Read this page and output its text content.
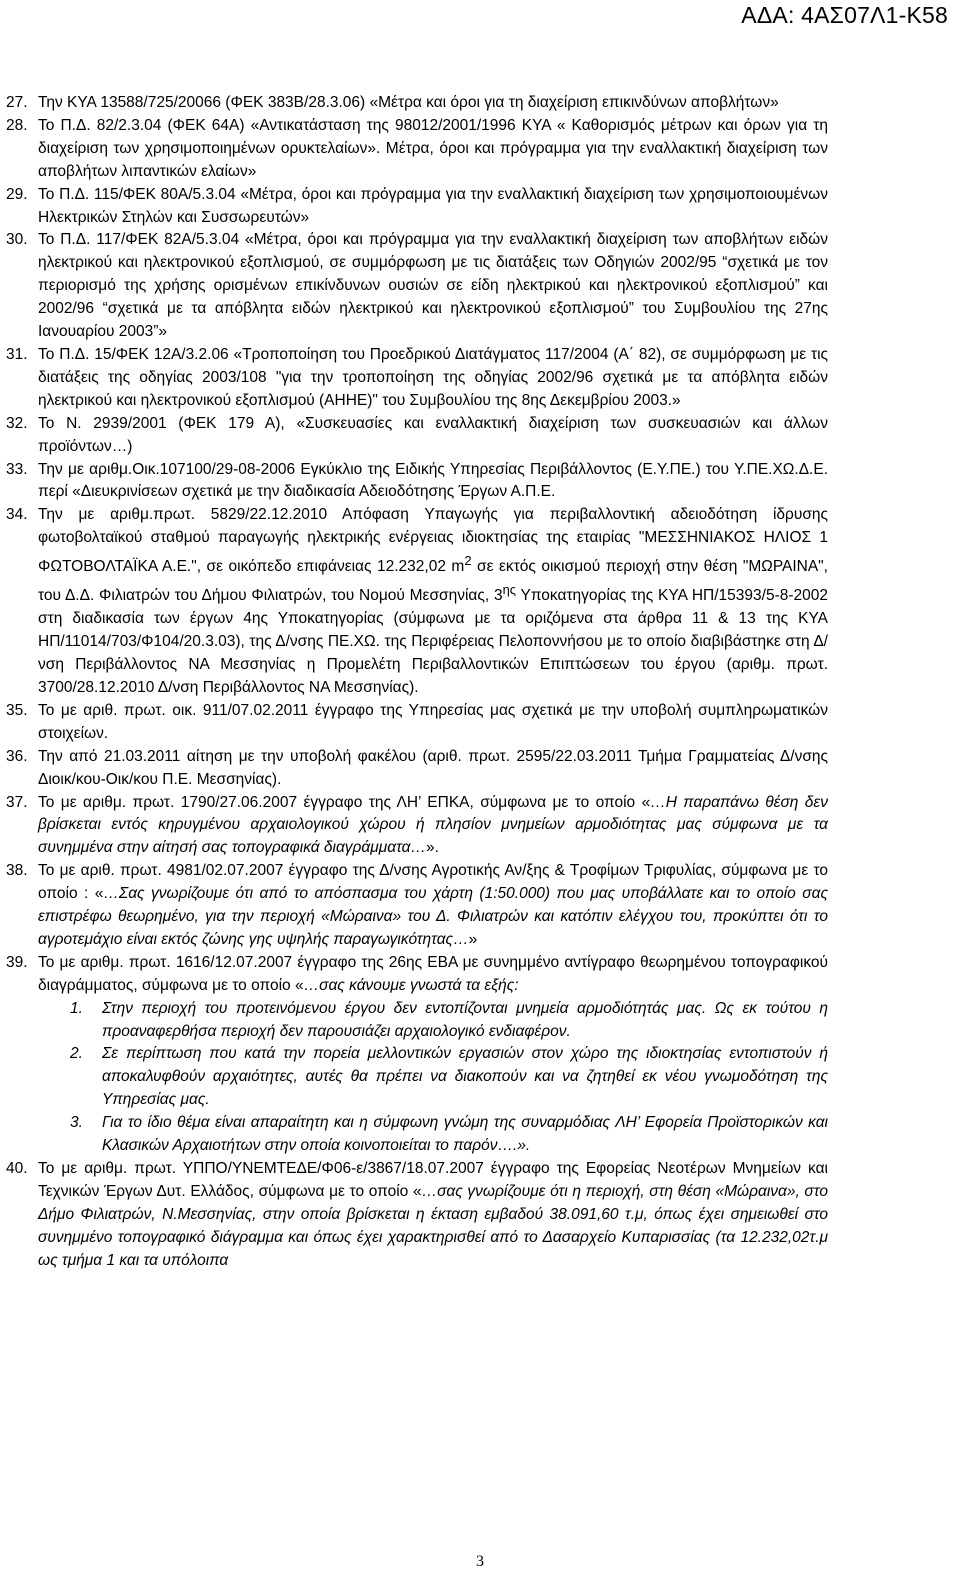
ΑΔΑ: 4ΑΣ07Λ1-Κ58
27. Την ΚΥΑ 13588/725/20066 (ΦΕΚ 383Β/28.3.06) «Μέτρα και όροι για τη διαχείριση επικινδύνων αποβλήτων»
28. Το Π.Δ. 82/2.3.04 (ΦΕΚ 64Α) «Αντικατάσταση της 98012/2001/1996 ΚΥΑ « Καθορισμός μέτρων και όρων για τη διαχείριση των χρησιμοποιημένων ορυκτελαίων». Μέτρα, όροι και πρόγραμμα για την εναλλακτική διαχείριση των αποβλήτων λιπαντικών ελαίων»
29. Το Π.Δ. 115/ΦΕΚ 80Α/5.3.04 «Μέτρα, όροι και πρόγραμμα για την εναλλακτική διαχείριση των χρησιμοποιουμένων Ηλεκτρικών Στηλών και Συσσωρευτών»
30. Το Π.Δ. 117/ΦΕΚ 82Α/5.3.04 «Μέτρα, όροι και πρόγραμμα για την εναλλακτική διαχείριση των αποβλήτων ειδών ηλεκτρικού και ηλεκτρονικού εξοπλισμού, σε συμμόρφωση με τις διατάξεις των Οδηγιών 2002/95 “σχετικά με τον περιορισμό της χρήσης ορισμένων επικίνδυνων ουσιών σε είδη ηλεκτρικού και ηλεκτρονικού εξοπλισμού” και 2002/96 “σχετικά με τα απόβλητα ειδών ηλεκτρικού και ηλεκτρονικού εξοπλισμού” του Συμβουλίου της 27ης Ιανουαρίου 2003”»
31. Το Π.Δ. 15/ΦΕΚ 12Α/3.2.06 «Τροποποίηση του Προεδρικού Διατάγματος 117/2004 (Α΄ 82), σε συμμόρφωση με τις διατάξεις της οδηγίας 2003/108 "για την τροποποίηση της οδηγίας 2002/96 σχετικά με τα απόβλητα ειδών ηλεκτρικού και ηλεκτρονικού εξοπλισμού (ΑΗΗΕ)" του Συμβουλίου της 8ης Δεκεμβρίου 2003.»
32. Το Ν. 2939/2001 (ΦΕΚ 179 Α), «Συσκευασίες και εναλλακτική διαχείριση των συσκευασιών και άλλων προϊόντων…)
33. Την με αριθμ.Οικ.107100/29-08-2006 Εγκύκλιο της Ειδικής Υπηρεσίας Περιβάλλοντος (Ε.Υ.ΠΕ.) του Υ.ΠΕ.ΧΩ.Δ.Ε. περί «Διευκρινίσεων σχετικά με την διαδικασία Αδειοδότησης Έργων Α.Π.Ε.
34. Την με αριθμ.πρωτ. 5829/22.12.2010 Απόφαση Υπαγωγής για περιβαλλοντική αδειοδότηση ίδρυσης φωτοβολταϊκού σταθμού παραγωγής ηλεκτρικής ενέργειας ιδιοκτησίας της εταιρίας "ΜΕΣΣΗΝΙΑΚΟΣ ΗΛΙΟΣ 1 ΦΩΤΟΒΟΛΤΑΪΚΑ Α.Ε.", σε οικόπεδο επιφάνειας 12.232,02 $m^2$ σε εκτός οικισμού περιοχή στην θέση "ΜΩΡΑΙΝΑ", του Δ.Δ. Φιλιατρών του Δήμου Φιλιατρών, του Νομού Μεσσηνίας, $3^{\eta\varsigma}$ Υποκατηγορίας της ΚΥΑ ΗΠ/15393/5-8-2002 στη διαδικασία των έργων 4ης Υποκατηγορίας (σύμφωνα με τα οριζόμενα στα άρθρα 11 & 13 της ΚΥΑ ΗΠ/11014/703/Φ104/20.3.03), της Δ/νσης ΠΕ.ΧΩ. της Περιφέρειας Πελοποννήσου με το οποίο διαβιβάστηκε στη Δ/νση Περιβάλλοντος ΝΑ Μεσσηνίας η Προμελέτη Περιβαλλοντικών Επιπτώσεων του έργου (αριθμ. πρωτ. 3700/28.12.2010 Δ/νση Περιβάλλοντος ΝΑ Μεσσηνίας).
35. Το με αριθ. πρωτ. οικ. 911/07.02.2011 έγγραφο της Υπηρεσίας μας σχετικά με την υποβολή συμπληρωματικών στοιχείων.
36. Την από 21.03.2011 αίτηση με την υποβολή φακέλου (αριθ. πρωτ. 2595/22.03.2011 Τμήμα Γραμματείας Δ/νσης Διοικ/κου-Οικ/κου Π.Ε. Μεσσηνίας).
37. Το με αριθμ. πρωτ. 1790/27.06.2007 έγγραφο της ΛΗ’ ΕΠΚΑ, σύμφωνα με το οποίο «…Η παραπάνω θέση δεν βρίσκεται εντός κηρυγμένου αρχαιολογικού χώρου ή πλησίον μνημείων αρμοδιότητας μας σύμφωνα με τα συνημμένα στην αίτησή σας τοπογραφικά διαγράμματα…».
38. Το με αριθ. πρωτ. 4981/02.07.2007 έγγραφο της Δ/νσης Αγροτικής Αν/ξης & Τροφίμων Τριφυλίας, σύμφωνα με το οποίο : «…Σας γνωρίζουμε ότι από το απόσπασμα του χάρτη (1:50.000) που μας υποβάλλατε και το οποίο σας επιστρέφω θεωρημένο, για την περιοχή «Μώραινα» του Δ. Φιλιατρών και κατόπιν ελέγχου του, προκύπτει ότι το αγροτεμάχιο είναι εκτός ζώνης γης υψηλής παραγωγικότητας…»
39. Το με αριθμ. πρωτ. 1616/12.07.2007 έγγραφο της 26ης ΕΒΑ με συνημμένο αντίγραφο θεωρημένου τοπογραφικού διαγράμματος, σύμφωνα με το οποίο «…σας κάνουμε γνωστά τα εξής:
1.	Στην περιοχή του προτεινόμενου έργου δεν εντοπίζονται μνημεία αρμοδιότητάς μας. Ως εκ τούτου η προαναφερθήσα περιοχή δεν παρουσιάζει αρχαιολογικό ενδιαφέρον.
2.	Σε περίπτωση που κατά την πορεία μελλοντικών εργασιών στον χώρο της ιδιοκτησίας εντοπιστούν ή αποκαλυφθούν αρχαιότητες, αυτές θα πρέπει να διακοπούν και να ζητηθεί εκ νέου γνωμοδότηση της Υπηρεσίας μας.
3.	Για το ίδιο θέμα είναι απαραίτητη και η σύμφωνη γνώμη της συναρμόδιας ΛΗ’ Εφορεία Προϊστορικών και Κλασικών Αρχαιοτήτων στην οποία κοινοποιείται το παρόν….».
40. Το με αριθμ. πρωτ. ΥΠΠΟ/ΥΝΕΜΤΕΔΕ/Φ06-ε/3867/18.07.2007 έγγραφο της Εφορείας Νεοτέρων Μνημείων και Τεχνικών Έργων Δυτ. Ελλάδος, σύμφωνα με το οποίο «…σας γνωρίζουμε ότι η περιοχή, στη θέση «Μώραινα», στο Δήμο Φιλιατρών, Ν.Μεσσηνίας, στην οποία βρίσκεται η έκταση εμβαδού 38.091,60 τ.μ, όπως έχει σημειωθεί στο συνημμένο τοπογραφικό διάγραμμα και όπως έχει χαρακτηρισθεί από το Δασαρχείο Κυπαρισσίας (τα 12.232,02τ.μ ως τμήμα 1 και τα υπόλοιπα
3
